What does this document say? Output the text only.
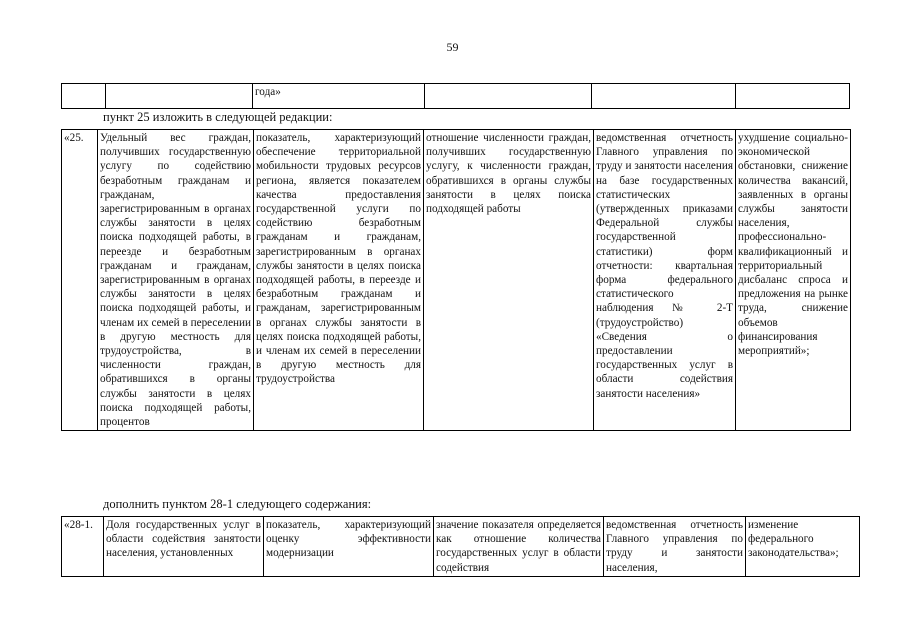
59
		года»			
пункт 25 изложить в следующей редакции:
«25.	Удельный вес граждан, получивших государственную услугу по содействию безработным гражданам и гражданам, зарегистрированным в органах службы занятости в целях поиска подходящей работы, в переезде и безработным гражданам и гражданам, зарегистрированным в органах службы занятости в целях поиска подходящей работы, и членам их семей в переселении в другую местность для трудоустройства, в численности граждан, обратившихся в органы службы занятости в целях поиска подходящей работы, процентов	показатель, характеризующий обеспечение территориальной мобильности трудовых ресурсов региона, является показателем качества предоставления государственной услуги по содействию безработным гражданам и гражданам, зарегистрированным в органах службы занятости в целях поиска подходящей работы, в переезде и безработным гражданам и гражданам, зарегистрированным в органах службы занятости в целях поиска подходящей работы, и членам их семей в переселении в другую местность для трудоустройства	отношение численности граждан, получивших государственную услугу, к численности граждан, обратившихся в органы службы занятости в целях поиска подходящей работы	ведомственная отчетность Главного управления по труду и занятости населения на базе государственных статистических (утвержденных приказами Федеральной службы государственной статистики) форм отчетности: квартальная форма федерального статистического наблюдения № 2-Т (трудоустройство) «Сведения о предоставлении государственных услуг в области содействия занятости населения»	ухудшение социально-экономической обстановки, снижение количества вакансий, заявленных в органы службы занятости населения, профессионально-квалификационный и территориальный дисбаланс спроса и предложения на рынке труда, снижение объемов финансирования мероприятий»;
дополнить пунктом 28-1 следующего содержания:
«28-1.	Доля государственных услуг в области содействия занятости населения, установленных	показатель, характеризующий оценку эффективности модернизации	значение показателя определяется как отношение количества государственных услуг в области содействия	ведомственная отчетность Главного управления по труду и занятости населения,	изменение федерального законодательства»;
